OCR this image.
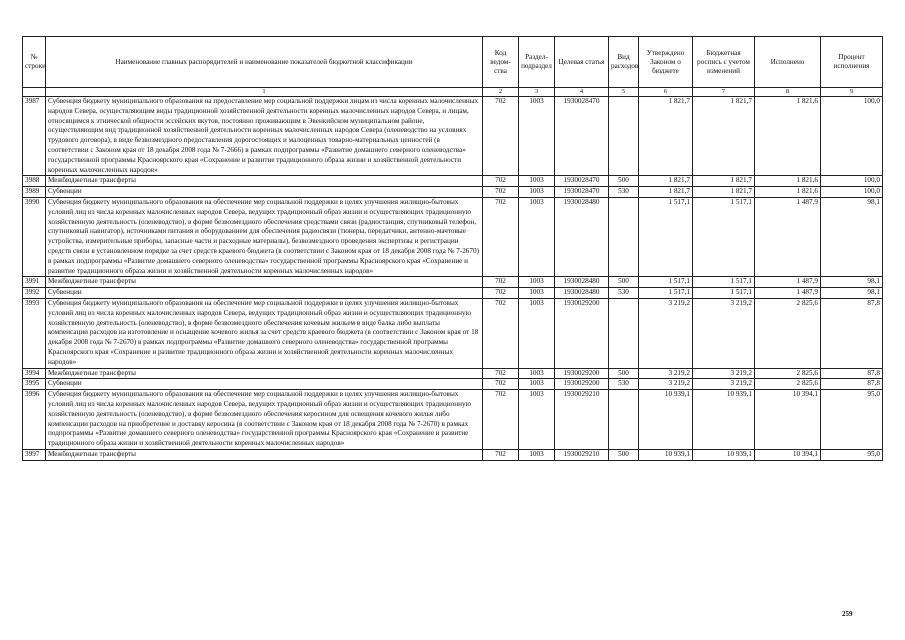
№ строки	Наименование главных распорядителей и наименование показателей бюджетной классификации	Код ведом-ства	Раздел-подраздел	Целевая статья	Вид расходов	Утверждено Законом о бюджете	Бюджетная роспись с учетом изменений	Исполнено	Процент исполнения
	1	2	3	4	5	6	7	8	9
3987	Субвенция бюджету муниципального образования на предоставление мер социальной поддержки лицам из числа коренных малочисленных народов Севера, осуществляющим виды традиционной хозяйственной деятельности коренных малочисленных народов Севера, и лицам, относящимся к этнической общности эссейских якутов, постоянно проживающим в Эвенкийском муниципальном районе, осуществляющим вид традиционной хозяйственной деятельности коренных малочисленных народов Севера (оленеводство на условиях трудового договора), в виде безвозмездного предоставления дорогостоящих и малоценных товарно-материальных ценностей (в соответствии с Законом края от 18 декабря 2008 года № 7-2666) в рамках подпрограммы «Развитие домашнего северного оленеводства» государственной программы Красноярского края «Сохранение и развитие традиционного образа жизни и хозяйственной деятельности коренных малочисленных народов»	702	1003	1930028470		1 821,7	1 821,7	1 821,6	100,0
3988	Межбюджетные трансферты	702	1003	1930028470	500	1 821,7	1 821,7	1 821,6	100,0
3989	Субвенции	702	1003	1930028470	530	1 821,7	1 821,7	1 821,6	100,0
3990	Субвенция бюджету муниципального образования на обеспечение мер социальной поддержки в целях улучшения жилищно-бытовых условий лиц из числа коренных малочисленных народов Севера, ведущих традиционный образ жизни и осуществляющих традиционную хозяйственную деятельность (оленеводство), в форме безвозмездного обеспечения средствами связи (радиостанция, спутниковый телефон, спутниковый навигатор), источниками питания и оборудованием для обеспечения радиосвязи (тюнеры, передатчики, антенно-мачтовые устройства, измерительные приборы, запасные части и расходные материалы), безвозмездного проведения экспертизы и регистрации средств связи в установленном порядке за счет средств краевого бюджета (в соответствии с Законом края от 18 декабря 2008 года № 7-2670) в рамках подпрограммы «Развитие домашнего северного оленеводства» государственной программы Красноярского края «Сохранение и развитие традиционного образа жизни и хозяйственной деятельности коренных малочисленных народов»	702	1003	1930028480		1 517,1	1 517,1	1 487,9	98,1
3991	Межбюджетные трансферты	702	1003	1930028480	500	1 517,1	1 517,1	1 487,9	98,1
3992	Субвенции	702	1003	1930028480	530	1 517,1	1 517,1	1 487,9	98,1
3993	Субвенция бюджету муниципального образования на обеспечение мер социальной поддержки в целях улучшения жилищно-бытовых условий лиц из числа коренных малочисленных народов Севера, ведущих традиционный образ жизни и осуществляющих традиционную хозяйственную деятельность (оленеводство), в форме безвозмездного обеспечения кочевым жильем в виде балка либо выплаты компенсации расходов на изготовление и оснащение кочевого жилья за счет средств краевого бюджета (в соответствии с Законом края от 18 декабря 2008 года № 7-2670) в рамках подпрограммы «Развитие домашнего северного оленеводства» государственной программы Красноярского края «Сохранение и развитие традиционного образа жизни и хозяйственной деятельности коренных малочисленных народов»	702	1003	1930029200		3 219,2	3 219,2	2 825,6	87,8
3994	Межбюджетные трансферты	702	1003	1930029200	500	3 219,2	3 219,2	2 825,6	87,8
3995	Субвенции	702	1003	1930029200	530	3 219,2	3 219,2	2 825,6	87,8
3996	Субвенция бюджету муниципального образования на обеспечение мер социальной поддержки в целях улучшения жилищно-бытовых условий лиц из числа коренных малочисленных народов Севера, ведущих традиционный образ жизни и осуществляющих традиционную хозяйственную деятельность (оленеводство), в форме безвозмездного обеспечения керосином для освещения кочевого жилья либо компенсации расходов на приобретение и доставку керосина (в соответствии с Законом края от 18 декабря 2008 года № 7-2670) в рамках подпрограммы «Развитие домашнего северного оленеводства» государственной программы Красноярского края «Сохранение и развитие традиционного образа жизни и хозяйственной деятельности коренных малочисленных народов»	702	1003	1930029210		10 939,1	10 939,1	10 394,1	95,0
3997	Межбюджетные трансферты	702	1003	1930029210	500	10 939,1	10 939,1	10 394,1	95,0
259
